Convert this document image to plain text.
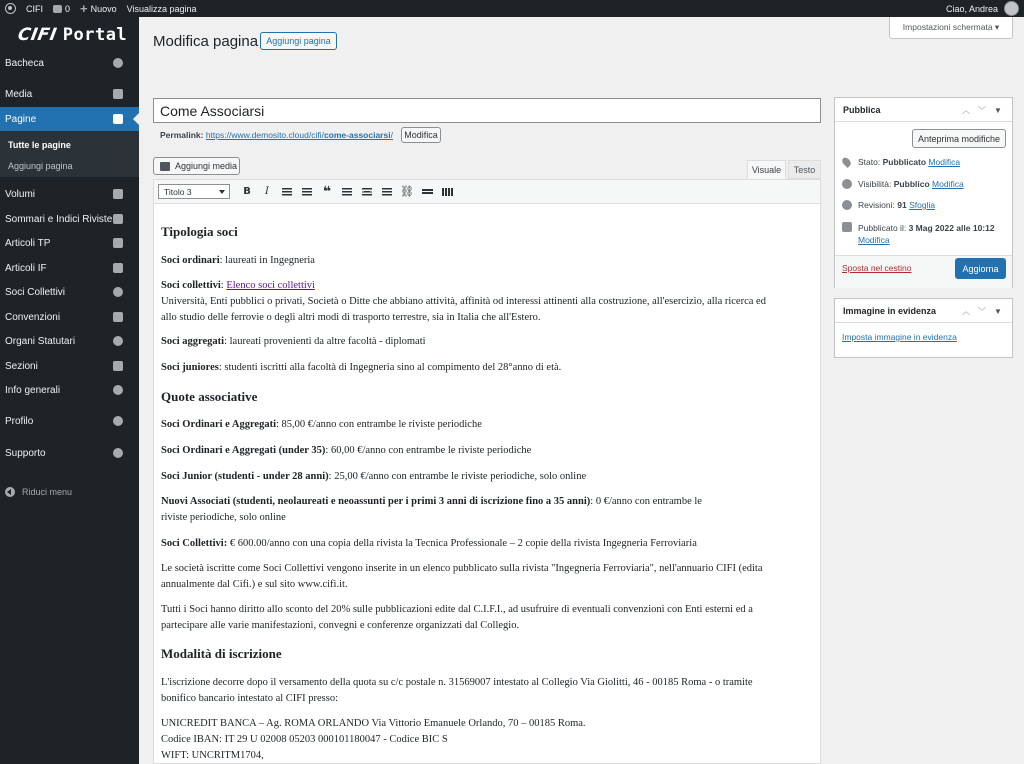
CIFI	0 + Nuovo	Visualizza pagina	Ciao, Andrea
CIFI Portal
Bacheca
Media
Pagine
Tutte le pagine
Aggiungi pagina
Volumi
Sommari e Indici Riviste
Articoli TP
Articoli IF
Soci Collettivi
Convenzioni
Organi Statutari
Sezioni
Info generali
Profilo
Supporto
Riduci menu
Modifica pagina Aggiungi pagina
Impostazioni schermata ▾
Come Associarsi
Permalink: https://www.demosito.cloud/cifi/come-associarsi/	Modifica
Aggiungi media	Visuale	Testo
Titolo 3	B I	❝	⛓
Tipologia soci
Soci ordinari: laureati in Ingegneria
Soci collettivi: Elenco soci collettivi
Università, Enti pubblici o privati, Società o Ditte che abbiano attività, affinità od interessi attinenti alla costruzione, all'esercizio, alla ricerca ed
allo studio delle ferrovie o degli altri modi di trasporto terrestre, sia in Italia che all'Estero.
Soci aggregati: laureati provenienti da altre facoltà - diplomati
Soci juniores: studenti iscritti alla facoltà di Ingegneria sino al compimento del 28°anno di età.
Quote associative
Soci Ordinari e Aggregati: 85,00 €/anno con entrambe le riviste periodiche
Soci Ordinari e Aggregati (under 35): 60,00 €/anno con entrambe le riviste periodiche
Soci Junior (studenti - under 28 anni): 25,00 €/anno con entrambe le riviste periodiche, solo online
Nuovi Associati (studenti, neolaureati e neoassunti per i primi 3 anni di iscrizione fino a 35 anni): 0 €/anno con entrambe le
riviste periodiche, solo online
Soci Collettivi: € 600.00/anno con una copia della rivista la Tecnica Professionale – 2 copie della rivista Ingegneria Ferroviaria
Le società iscritte come Soci Collettivi vengono inserite in un elenco pubblicato sulla rivista "Ingegneria Ferroviaria", nell'annuario CIFI (edita
annualmente dal Cifi.) e sul sito www.cifi.it.
Tutti i Soci hanno diritto allo sconto del 20% sulle pubblicazioni edite dal C.I.F.I., ad usufruire di eventuali convenzioni con Enti esterni ed a
partecipare alle varie manifestazioni, convegni e conferenze organizzati dal Collegio.
Modalità di iscrizione
L'iscrizione decorre dopo il versamento della quota su c/c postale n. 31569007 intestato al Collegio Via Giolitti, 46 - 00185 Roma - o tramite
bonifico bancario intestato al CIFI presso:
UNICREDIT BANCA – Ag. ROMA ORLANDO Via Vittorio Emanuele Orlando, 70 – 00185 Roma.
Codice IBAN: IT 29 U 02008 05203 000101180047 - Codice BIC S
WIFT: UNCRITM1704,
Pubblica	︿	﹀	▼
Anteprima modifiche
Stato:
Pubblicato
Modifica
Visibilità:
Pubblico
Modifica
Revisioni:
91
Sfoglia
Pubblicato il: 3 Mag 2022 alle 10:12
Modifica
Sposta nel cestino	Aggiorna
Immagine in evidenza	︿	﹀	▼
Imposta immagine in evidenza
